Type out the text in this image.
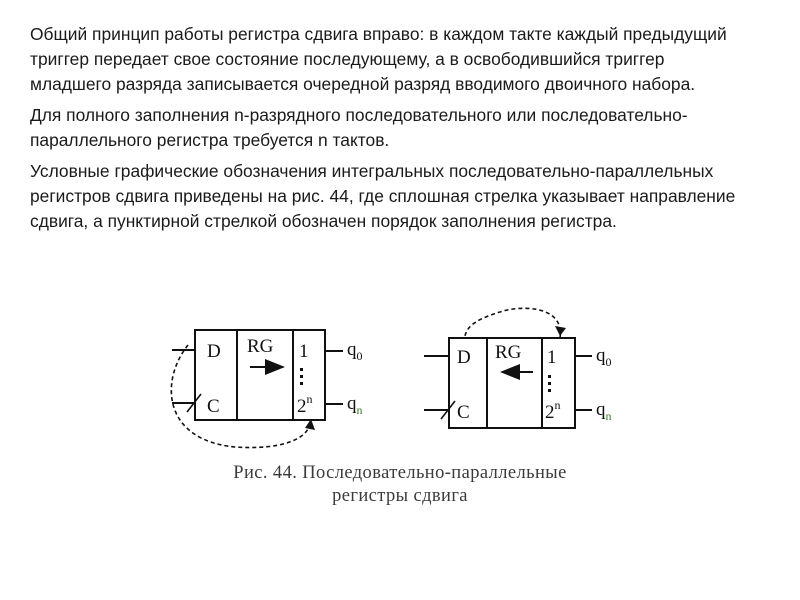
Общий принцип работы регистра сдвига вправо: в каждом такте каждый предыдущий триггер передает свое состояние последующему, а в освободившийся триггер младшего разряда записывается очередной разряд вводимого двоичного набора.

Для полного заполнения n-разрядного последовательного или последовательно-параллельного регистра требуется n тактов.

Условные графические обозначения интегральных последовательно-параллельных регистров сдвига приведены на рис. 44, где сплошная стрелка указывает направление сдвига, а пунктирной стрелкой обозначен порядок заполнения регистра.

D
C
RG 1
2$^n$
$q_0$
$q_n$
D
C
RG 1
2$^n$
$q_0$
$q_n$
Рис. 44. Последовательно-параллельные
регистры сдвига
